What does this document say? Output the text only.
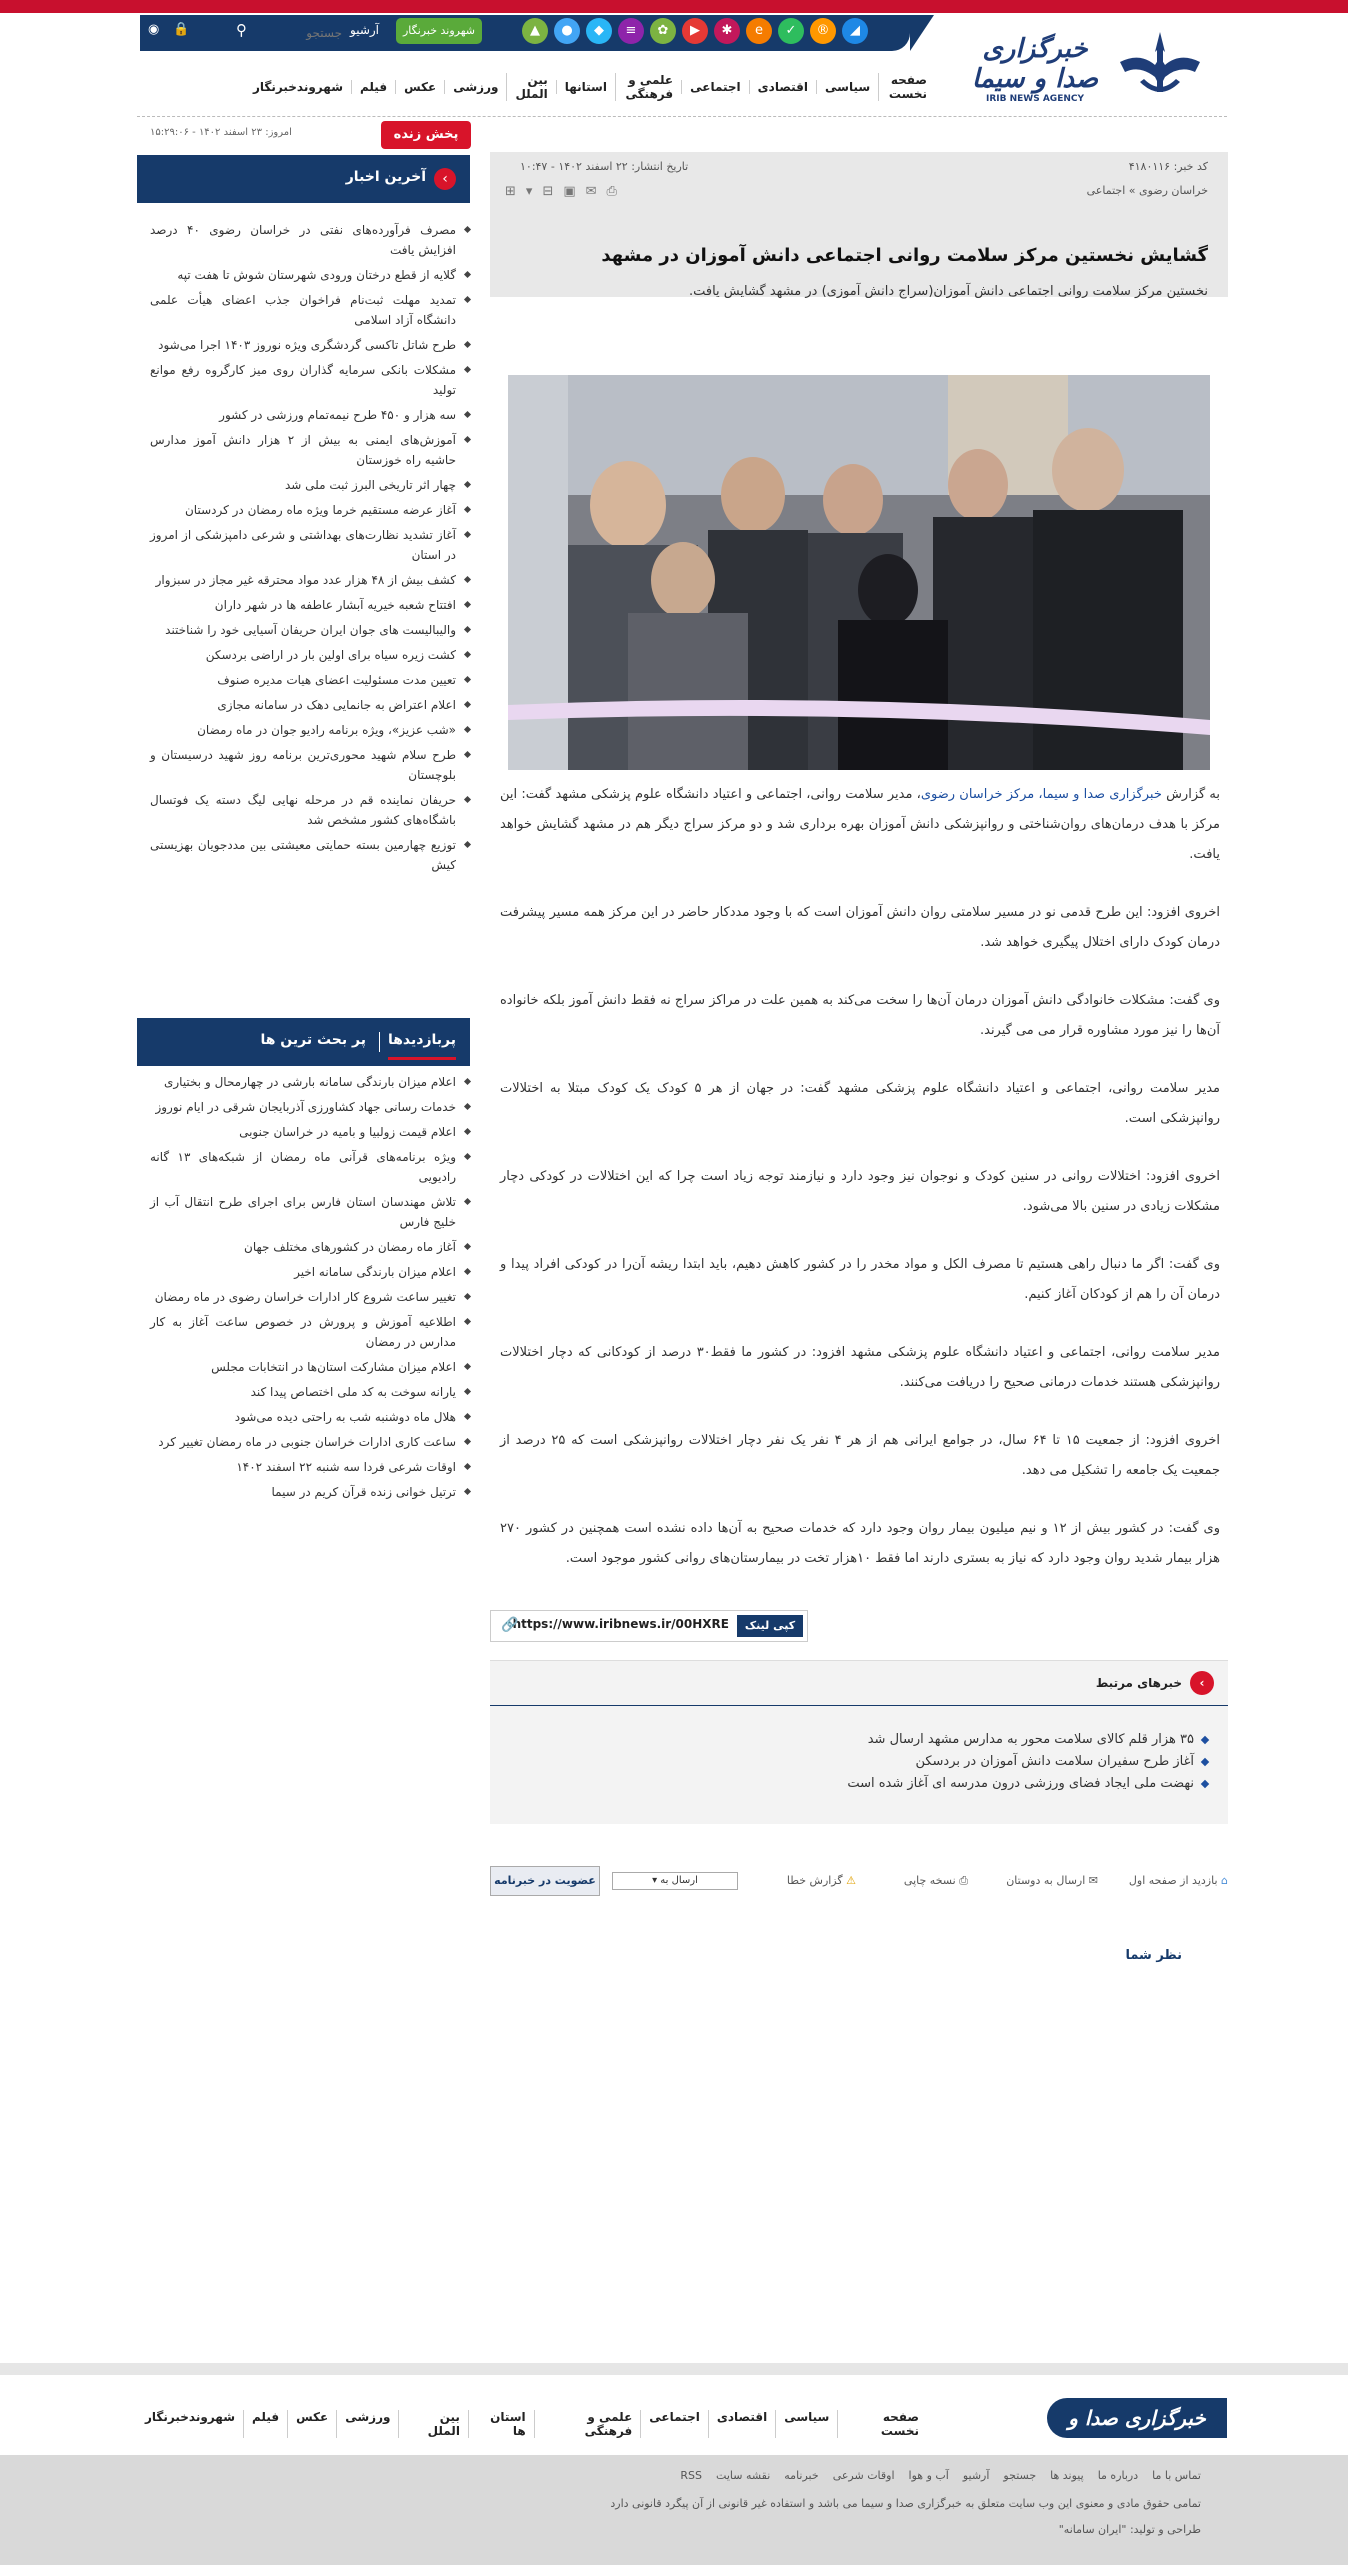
🔒
◉	⚲
جستجو	آرشیو	شهروند خبرنگار	▲	●	◆	≡	✿	▶	✱	e	✓	®	◢
خبرگزاری صدا و سیما
IRIB NEWS AGENCY
صفحه نخست
سیاسی
اقتصادی
اجتماعی
علمی و فرهنگی
استانها
بین الملل
ورزشی
عکس
فیلم
شهروندخبرنگار
پخش زنده
امروز: ۲۳ اسفند ۱۴۰۲ - ۱۵:۲۹:۰۶
›
آخرین اخبار
مصرف فرآورده‌های نفتی در خراسان رضوی ۴۰ درصد افزایش یافت
گلایه از قطع درختان ورودی شهرستان شوش تا هفت تپه
تمدید مهلت ثبت‌نام فراخوان جذب اعضای هیأت علمی دانشگاه آزاد اسلامی
طرح شاتل تاکسی گردشگری ویژه نوروز ۱۴۰۳ اجرا می‌شود
مشکلات بانکی سرمایه گذاران روی میز کارگروه رفع موانع تولید
سه هزار و ۴۵۰ طرح نیمه‌تمام ورزشی در کشور
آموزش‌های ایمنی به بیش از ۲ هزار دانش آموز مدارس حاشیه راه خوزستان
چهار اثر تاریخی البرز ثبت ملی شد
آغاز عرضه مستقیم خرما ویژه ماه رمضان در کردستان
آغاز تشدید نظارت‌های بهداشتی و شرعی دامپزشکی از امروز در استان
کشف بیش از ۴۸ هزار عدد مواد محترقه غیر مجاز در سبزوار
افتتاح شعبه خیریه آبشار عاطفه ها در شهر داران
والیبالیست های جوان ایران حریفان آسیایی خود را شناختند
کشت زیره سیاه برای اولین بار در اراضی بردسکن
تعیین مدت مسئولیت اعضای هیات مدیره صنوف
اعلام اعتراض به جانمایی دهک در سامانه مجازی
«شب عزیز»، ویژه برنامه رادیو جوان در ماه رمضان
طرح سلام شهید محوری‌ترین برنامه روز شهید درسیستان و بلوچستان
حریفان نماینده قم در مرحله نهایی لیگ دسته یک فوتسال باشگاه‌های کشور مشخص شد
توزیع چهارمین بسته حمایتی معیشتی بین مددجویان بهزیستی کیش
پربازدیدها
پر بحث ترین ها
اعلام میزان بارندگی سامانه بارشی در چهارمحال و بختیاری
خدمات رسانی جهاد کشاورزی آذربایجان شرقی در ایام نوروز
اعلام قیمت زولبیا و بامیه در خراسان جنوبی
ویژه برنامه‌های قرآنی ماه رمضان از شبکه‌های ۱۳ گانه رادیویی
تلاش مهندسان استان فارس برای اجرای طرح انتقال آب از خلیج فارس
آغاز ماه رمضان در کشورهای مختلف جهان
اعلام میزان بارندگی سامانه اخیر
تغییر ساعت شروع کار ادارات خراسان رضوی در ماه رمضان
اطلاعیه آموزش و پرورش در خصوص ساعت آغاز به کار مدارس در رمضان
اعلام میزان مشارکت استان‌ها در انتخابات مجلس
یارانه سوخت به کد ملی اختصاص پیدا کند
هلال ماه دوشنبه شب به راحتی دیده می‌شود
ساعت کاری ادارات خراسان جنوبی در ماه رمضان تغییر کرد
اوقات شرعی فردا سه شنبه ۲۲ اسفند ۱۴۰۲
ترتیل خوانی زنده قرآن کریم در سیما
کد خبر: ۴۱۸۰۱۱۶
تاریخ انتشار: ۲۲ اسفند ۱۴۰۲ - ۱۰:۴۷
خراسان رضوی » اجتماعی
⎙
✉
▣
⊟
▾
⊞
گشایش نخستین مرکز سلامت روانی اجتماعی دانش آموزان در مشهد
نخستین مرکز سلامت روانی اجتماعی دانش آموزان(سراج دانش آموزی) در مشهد گشایش یافت.

به گزارش خبرگزاری صدا و سیما، مرکز خراسان رضوی، مدیر سلامت روانی، اجتماعی و اعتیاد دانشگاه علوم پزشکی مشهد گفت: این مرکز با هدف درمان‌های روان‌شناختی و روانپزشکی دانش آموزان بهره برداری شد و دو مرکز سراج دیگر هم در مشهد گشایش خواهد یافت.

اخروی افزود: این طرح قدمی نو در مسیر سلامتی روان دانش آموزان است که با وجود مددکار حاضر در این مرکز همه مسیر پیشرفت درمان کودک دارای اختلال پیگیری خواهد شد.

وی گفت: مشکلات خانوادگی دانش آموزان درمان آن‌ها را سخت می‌کند به همین علت در مراکز سراج نه فقط دانش آموز بلکه خانواده آن‌ها را نیز مورد مشاوره قرار می می گیرند.

مدیر سلامت روانی، اجتماعی و اعتیاد دانشگاه علوم پزشکی مشهد گفت: در جهان از هر ۵ کودک یک کودک مبتلا به اختلالات روانپزشکی است.

اخروی افزود: اختلالات روانی در سنین کودک و نوجوان نیز وجود دارد و نیازمند توجه زیاد است چرا که این اختلالات در کودکی دچار مشکلات زیادی در سنین بالا می‌شود.

وی گفت: اگر ما دنبال راهی هستیم تا مصرف الکل و مواد مخدر را در کشور کاهش دهیم، باید ابتدا ریشه آن‌را در کودکی افراد پیدا و درمان آن را هم از کودکان آغاز کنیم.

مدیر سلامت روانی، اجتماعی و اعتیاد دانشگاه علوم پزشکی مشهد افزود: در کشور ما فقط۳۰ درصد از کودکانی که دچار اختلالات روانپزشکی هستند خدمات درمانی صحیح را دریافت می‌کنند.

اخروی افزود: از جمعیت ۱۵ تا ۶۴ سال، در جوامع ایرانی هم از هر ۴ نفر یک نفر دچار اختلالات روانپزشکی است که ۲۵ درصد از جمعیت یک جامعه را تشکیل می دهد.

وی گفت: در کشور بیش از ۱۲ و نیم میلیون بیمار روان وجود دارد که خدمات صحیح به آن‌ها داده نشده است همچنین در کشور ۲۷۰ هزار بیمار شدید روان وجود دارد که نیاز به بستری دارند اما فقط ۱۰هزار تخت در بیمارستان‌های روانی کشور موجود است.

کپی لینک
https://www.iribnews.ir/00HXRE
🔗
›خبرهای مرتبط
۳۵ هزار قلم کالای سلامت محور به مدارس مشهد ارسال شد
آغاز طرح سفیران سلامت دانش آموزان در بردسکن
نهضت ملی ایجاد فضای ورزشی درون مدرسه ای آغاز شده است
⌂ بازدید از صفحه اول
✉ ارسال به دوستان
⎙ نسخه چاپی
⚠ گزارش خطا
ارسال به ▾
عضویت در خبرنامه
نظر شما
خبرگزاری صدا و
صفحه نخست
سیاسی
اقتصادی
اجتماعی
علمی و فرهنگی
استان ها
بین الملل
ورزشی
عکس
فیلم
شهروندخبرنگار
تماس با ما
درباره ما
پیوند ها
جستجو
آرشیو
آب و هوا
اوقات شرعی
خبرنامه
نقشه سایت
RSS
تمامی حقوق مادی و معنوی این وب سایت متعلق به خبرگزاری صدا و سیما می باشد و استفاده غیر قانونی از آن پیگرد قانونی دارد
طراحی و تولید: "ایران سامانه"
